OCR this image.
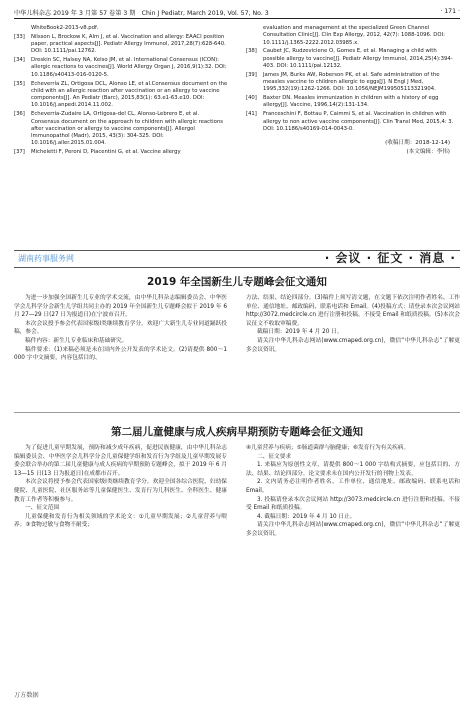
中华儿科杂志 2019 年 3 月第 57 卷第 3 期　Chin J Pediatr, March 2019, Vol. 57, No. 3	· 171 ·
WhiteBook2-2013-v8.pdf.
[33]	Nilsson L, Brockow K, Alm J, et al. Vaccination and allergy: EAACI position paper, practical aspects[J]. Pediatr Allergy Immunol, 2017,28(7):628-640. DOI: 10.1111/pai.12762.
[34]	Dreskin SC, Halsey NA, Kelso JM, et al. International Consensus (ICON): allergic reactions to vaccines[J]. World Allergy Organ J, 2016,9(1):32. DOI: 10.1186/s40413-016-0120-5.
[35]	Echeverría ZL, Ortigosa DCL, Alonso LE, et al.Consensus document on the child with an allergic reaction after vaccination or an allergy to vaccine components[J]. An Pediatr (Barc), 2015,83(1): 63.e1-63.e10. DOI: 10.1016/j.anpedi.2014.11.002.
[36]	Echeverría-Zudaire LA, Ortigosa-del CL, Alonso-Lebrero E, et al. Consensus document on the approach to children with allergic reactions after vaccination or allergy to vaccine components[J]. Allergol Immunopathol (Madr), 2015, 43(3): 304-325. DOI: 10.1016/j.aller.2015.01.004.
[37]	Micheletti F, Peroni D, Piacentini G, et al. Vaccine allergy
evaluation and management at the specialized Green Channel Consultation Clinic[J]. Clin Exp Allergy, 2012, 42(7): 1088-1096. DOI: 10.1111/j.1365-2222.2012.03985.x.
[38]	Caubet JC, Rudzeviciene O, Gomes E, et al. Managing a child with possible allergy to vaccine[J]. Pediatr Allergy Immunol, 2014,25(4):394-403. DOI: 10.1111/pai.12132.
[39]	James JM, Burks AW, Roberson PK, et al. Safe administration of the measles vaccine to children allergic to eggs[J]. N Engl J Med, 1995,332(19):1262-1266. DOI: 10.1056/NEJM199505113321904.
[40]	Baxter DN. Measles immunization in children with a history of egg allergy[J]. Vaccine, 1996,14(2):131-134.
[41]	Franceschini F, Bottau P, Caimmi S, et al. Vaccination in children with allergy to non active vaccine components[J]. Clin Transl Med, 2015,4: 3. DOI: 10.1186/s40169-014-0043-0.
(收稿日期：2018-12-14)
(本文编辑：李伟)
湖南药事服务网	· 会议 · 征文 · 消息 ·
2019 年全国新生儿专题峰会征文通知

为进一步加强全国新生儿专业的学术交流，由中华儿科杂志编辑委员会、中华医学会儿科学分会新生儿学组共同主办的 2019 年全国新生儿专题峰会拟于 2019 年 6 月 27—29 日(27 日为报道日)在宁波市召开。

本次会议授予参会代表国家级Ⅰ类继续教育学分。欢迎广大新生儿专业同道踊跃投稿，参会。

稿件内容：新生儿专业临床和基础研究。

稿件要求：(1)来稿必须是未在国内外公开发表的学术论文。(2)请提供 800～1 000 字中文摘要，内容包括目的、

方法、结果、结论四部分。(3)稿件上须写清文题，在文题下依次注明作者姓名、工作单位、通信地址、邮政编码、联系电话和 Email。(4)投稿方式：请登录本次会议网站 http://3072.medcircle.cn 进行注册和投稿。不接受 Email 和纸质投稿。(5)本次会议征文不收取审稿费。

截稿日期：2019 年 4 月 20 日。

请关注中华儿科杂志网站(www.cmaped.org.cn)，微信“中华儿科杂志”了解更多会议资讯。

第二届儿童健康与成人疾病早期预防专题峰会征文通知

为了促进儿童早期发展，预防和减少成年疾病，促进民族健康，由中华儿科杂志编辑委员会、中华医学会儿科学分会儿童保健学组和发育行为学组及儿童早期发展专委会联合举办的第二届儿童健康与成人疾病的早期预防专题峰会，拟于 2019 年 6 月 13—15 日(13 日为报道日)在成都市召开。

本次会议将授予参会代表国家级Ⅰ类继续教育学分。欢迎全国各综合医院、妇幼保健院、儿童医院、社区服务站等儿童保健医生、发育行为儿科医生、全科医生、健康教育工作者等积极参与。

一、征文范围

儿童保健和发育行为相关领域的学术论文：①儿童早期发展；②儿童营养与喂养；③食物过敏与食物不耐受；

④儿童营养与疾病；⑤肠道菌群与脑健康；⑥发育行为有关疾病。

二、征文要求

1. 来稿应为原创性文章，请提供 800～1 000 字结构式摘要，应包括目的、方法、结果、结论四部分。论文要求未在国内公开发行的刊物上发表。

2. 文内请务必注明作者姓名、工作单位、通信地址、邮政编码、联系电话和 Email。

3. 投稿请登录本次会议网站 http://3073.medcircle.cn 进行注册和投稿。不接受 Email 和纸质投稿。

4. 截稿日期：2019 年 4 月 10 日止。

请关注中华儿科杂志网站(www.cmaped.org.cn)，微信“中华儿科杂志”了解更多会议资讯。

万方数据
